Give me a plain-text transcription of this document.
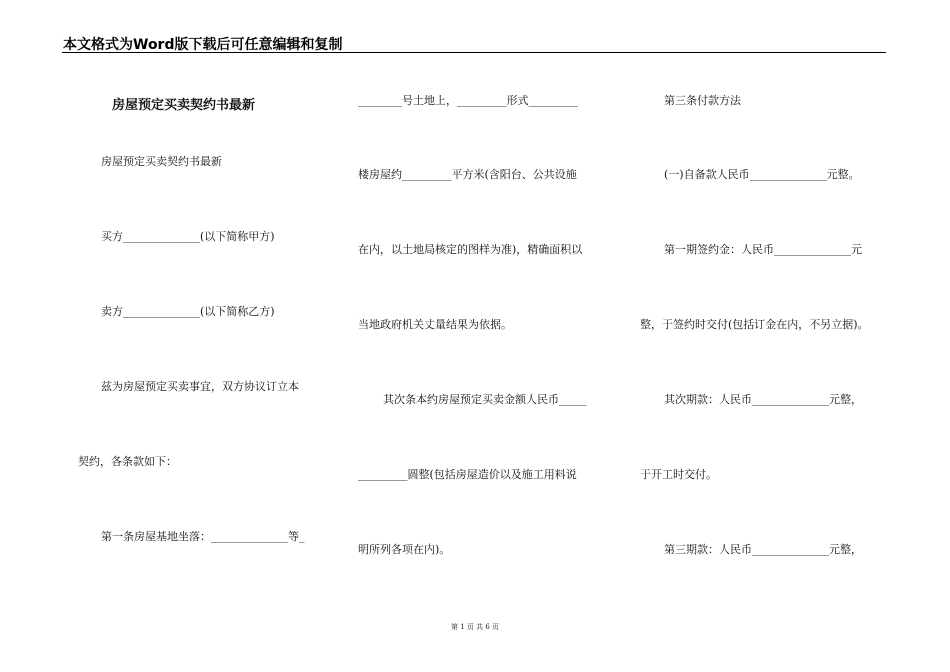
本文格式为Word版下载后可任意编辑和复制
房屋预定买卖契约书最新
房屋预定买卖契约书最新
买方______________(以下简称甲方)
卖方______________(以下简称乙方)
兹为房屋预定买卖事宜，双方协议订立本
契约，各条款如下：
第一条房屋基地坐落：______________等_
________号土地上，_________形式_________
楼房屋约_________平方米(含阳台、公共设施
在内，以土地局核定的图样为准)，精确面积以
当地政府机关丈量结果为依据。
其次条本约房屋预定买卖金额人民币_____
_________圆整(包括房屋造价以及施工用料说
明所列各项在内)。
第三条付款方法
(一)自备款人民币______________元整。
第一期签约金：人民币______________元
整，于签约时交付(包括订金在内，不另立据)。
其次期款：人民币______________元整，
于开工时交付。
第三期款：人民币______________元整，
第 1 页 共 6 页
